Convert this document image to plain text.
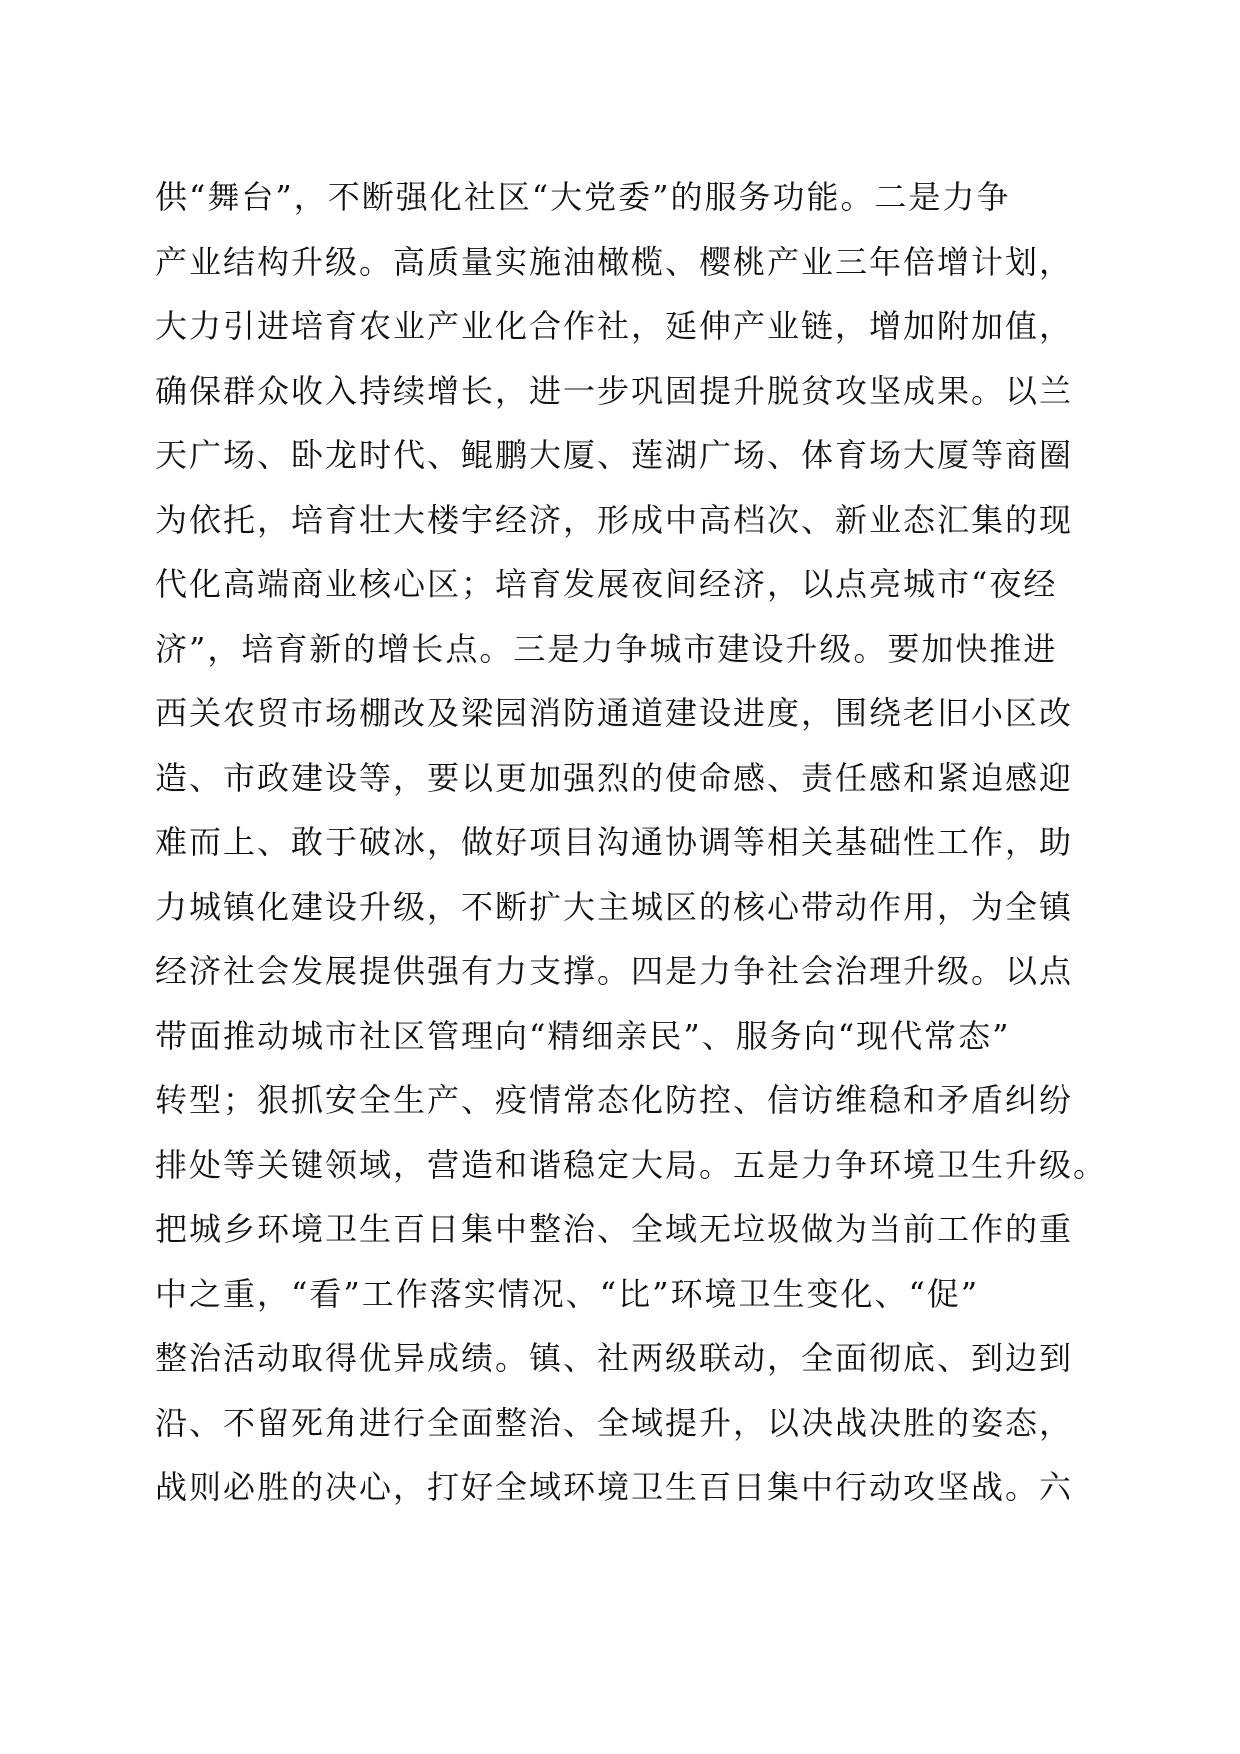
供“舞台”，不断强化社区“大党委”的服务功能。二是力争
产业结构升级。高质量实施油橄榄、樱桃产业三年倍增计划，
大力引进培育农业产业化合作社，延伸产业链，增加附加值，
确保群众收入持续增长，进一步巩固提升脱贫攻坚成果。以兰
天广场、卧龙时代、鲲鹏大厦、莲湖广场、体育场大厦等商圈
为依托，培育壮大楼宇经济，形成中高档次、新业态汇集的现
代化高端商业核心区；培育发展夜间经济，以点亮城市“夜经
济”，培育新的增长点。三是力争城市建设升级。要加快推进
西关农贸市场棚改及梁园消防通道建设进度，围绕老旧小区改
造、市政建设等，要以更加强烈的使命感、责任感和紧迫感迎
难而上、敢于破冰，做好项目沟通协调等相关基础性工作，助
力城镇化建设升级，不断扩大主城区的核心带动作用，为全镇
经济社会发展提供强有力支撑。四是力争社会治理升级。以点
带面推动城市社区管理向“精细亲民”、服务向“现代常态”
转型；狠抓安全生产、疫情常态化防控、信访维稳和矛盾纠纷
排处等关键领域，营造和谐稳定大局。五是力争环境卫生升级。
把城乡环境卫生百日集中整治、全域无垃圾做为当前工作的重
中之重，“看”工作落实情况、“比”环境卫生变化、“促”
整治活动取得优异成绩。镇、社两级联动，全面彻底、到边到
沿、不留死角进行全面整治、全域提升，以决战决胜的姿态，
战则必胜的决心，打好全域环境卫生百日集中行动攻坚战。六
